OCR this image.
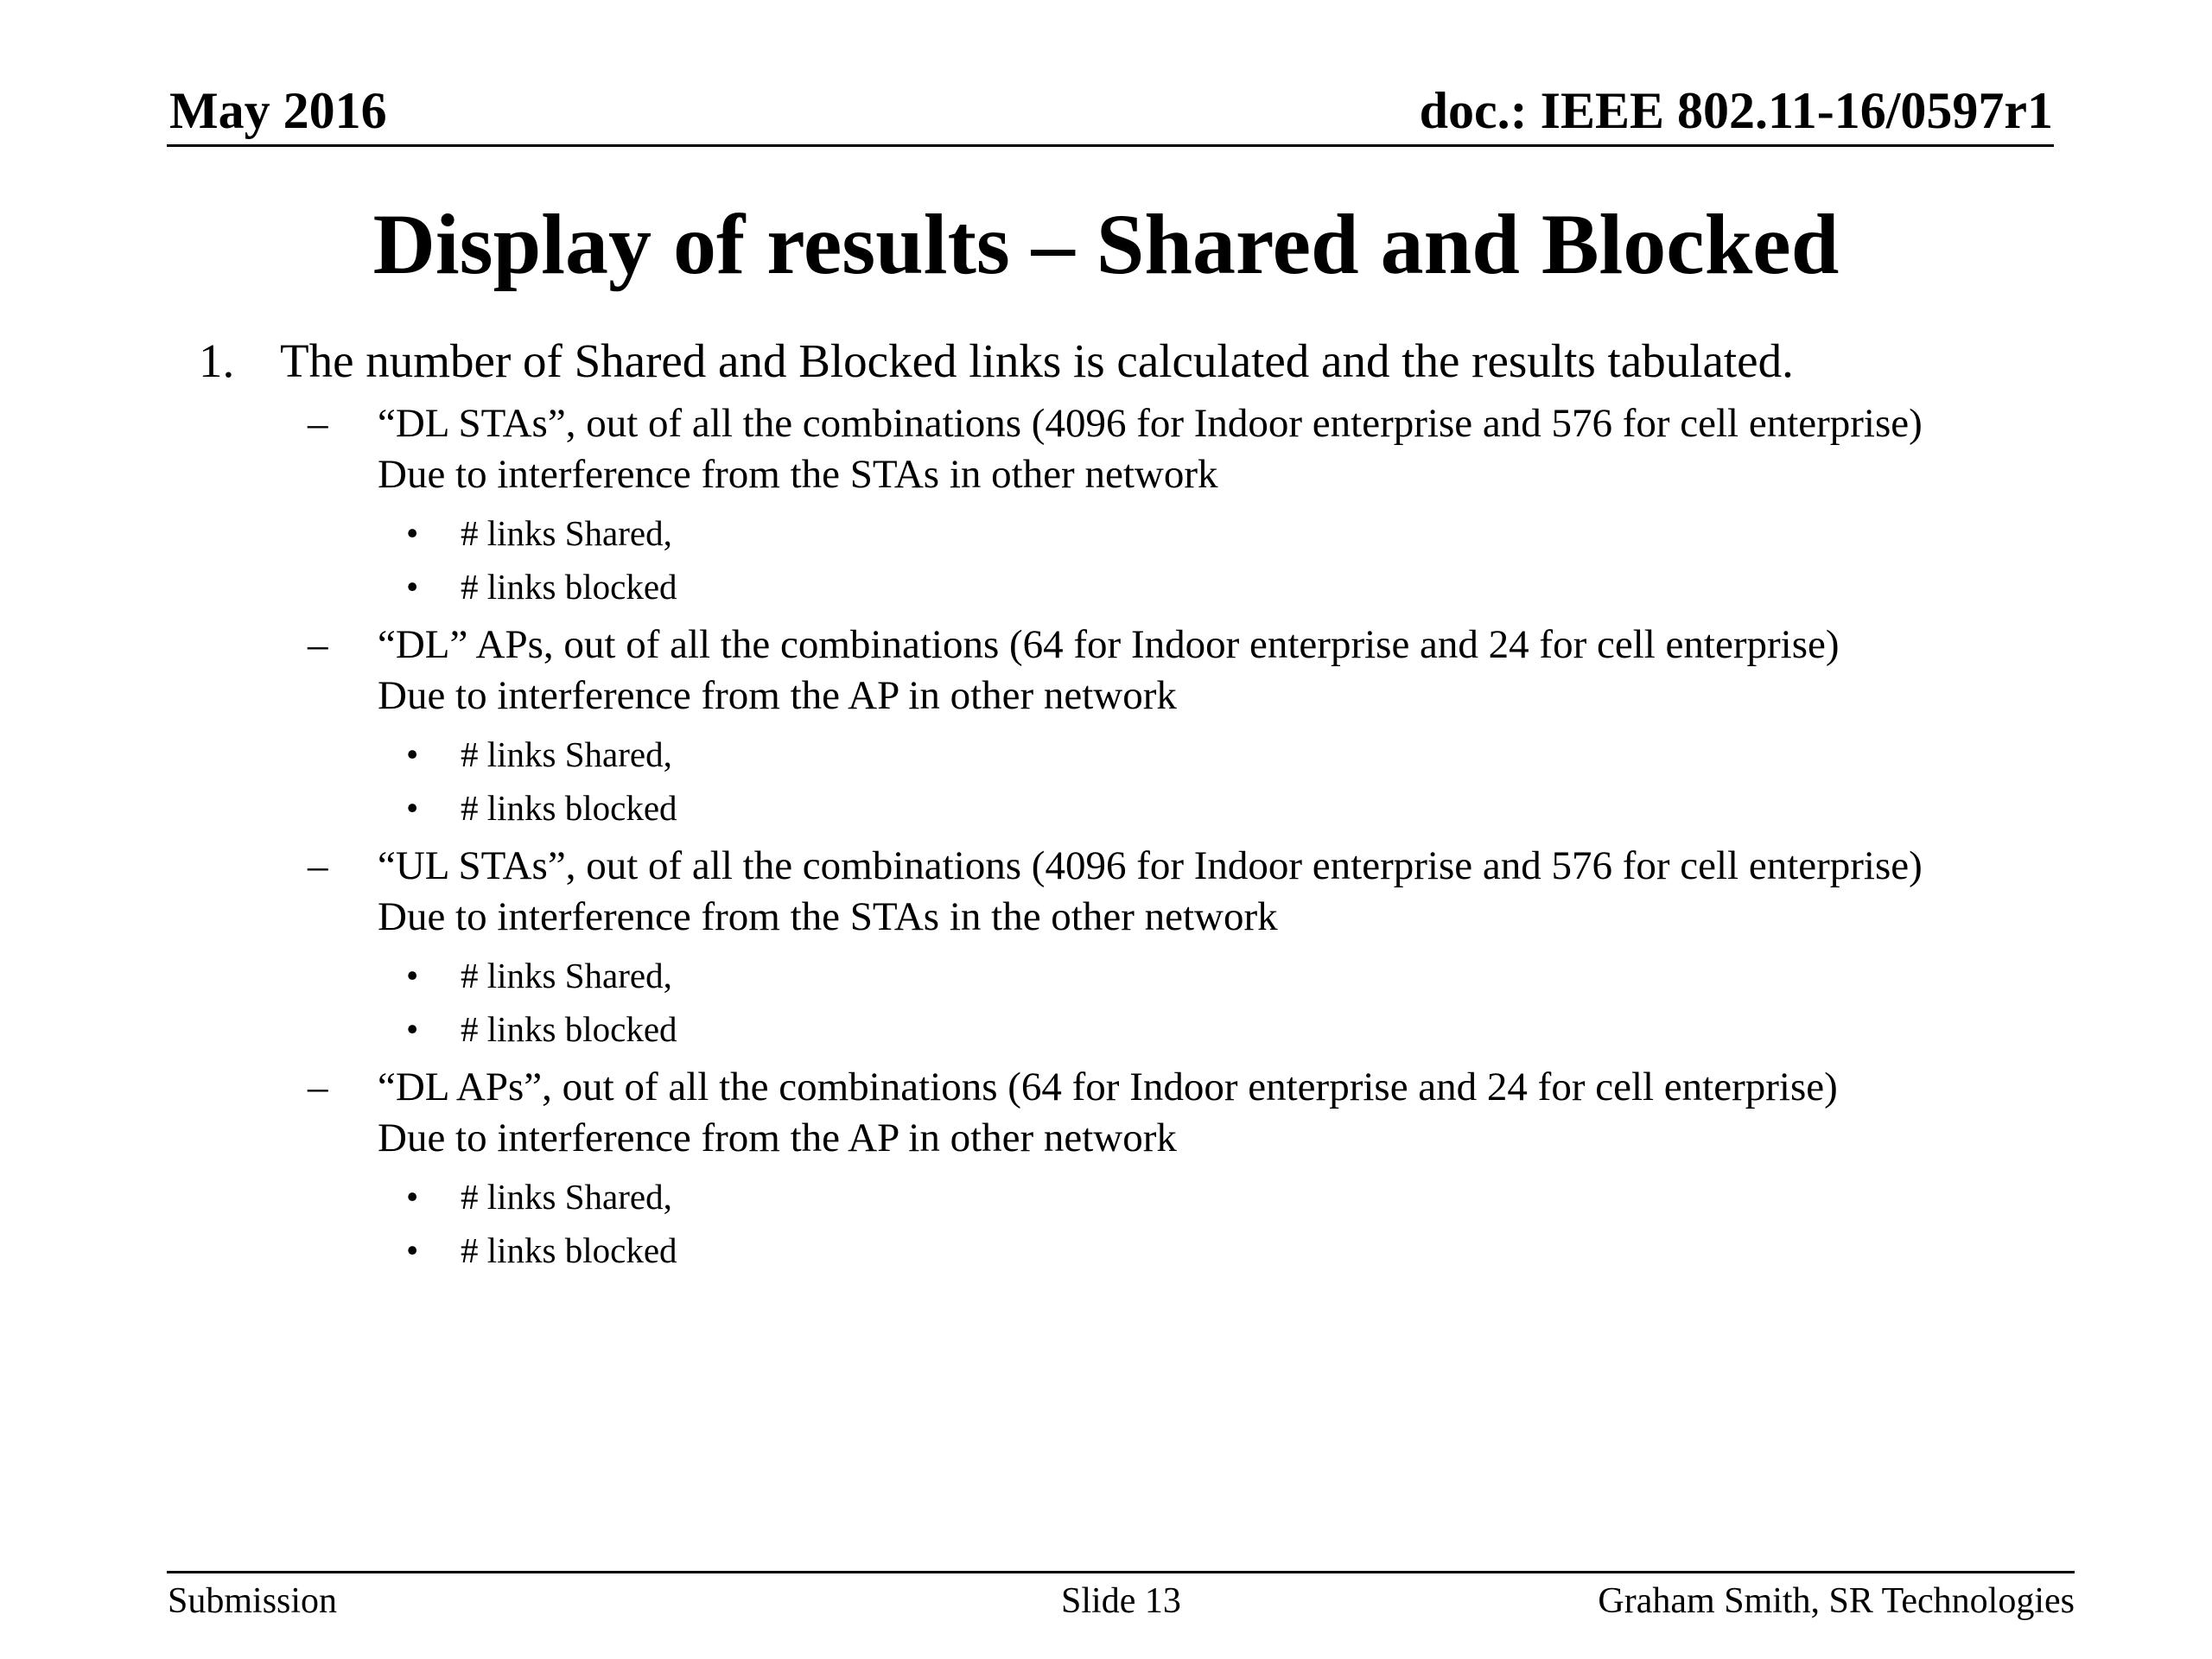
May 2016	doc.: IEEE 802.11-16/0597r1
Display of results – Shared and Blocked
1. The number of Shared and Blocked links is calculated and the results tabulated.
– “DL STAs”, out of all the combinations (4096 for Indoor enterprise and 576 for cell enterprise)
Due to interference from the STAs in other network
• # links Shared,
• # links blocked
– “DL” APs, out of all the combinations (64 for Indoor enterprise and 24 for cell enterprise)
Due to interference from the AP in other network
• # links Shared,
• # links blocked
– “UL STAs”, out of all the combinations (4096 for Indoor enterprise and 576 for cell enterprise)
Due to interference from the STAs in the other network
• # links Shared,
• # links blocked
– “DL APs”, out of all the combinations (64 for Indoor enterprise and 24 for cell enterprise)
Due to interference from the AP in other network
• # links Shared,
• # links blocked
Submission	Slide 13	Graham Smith, SR Technologies
